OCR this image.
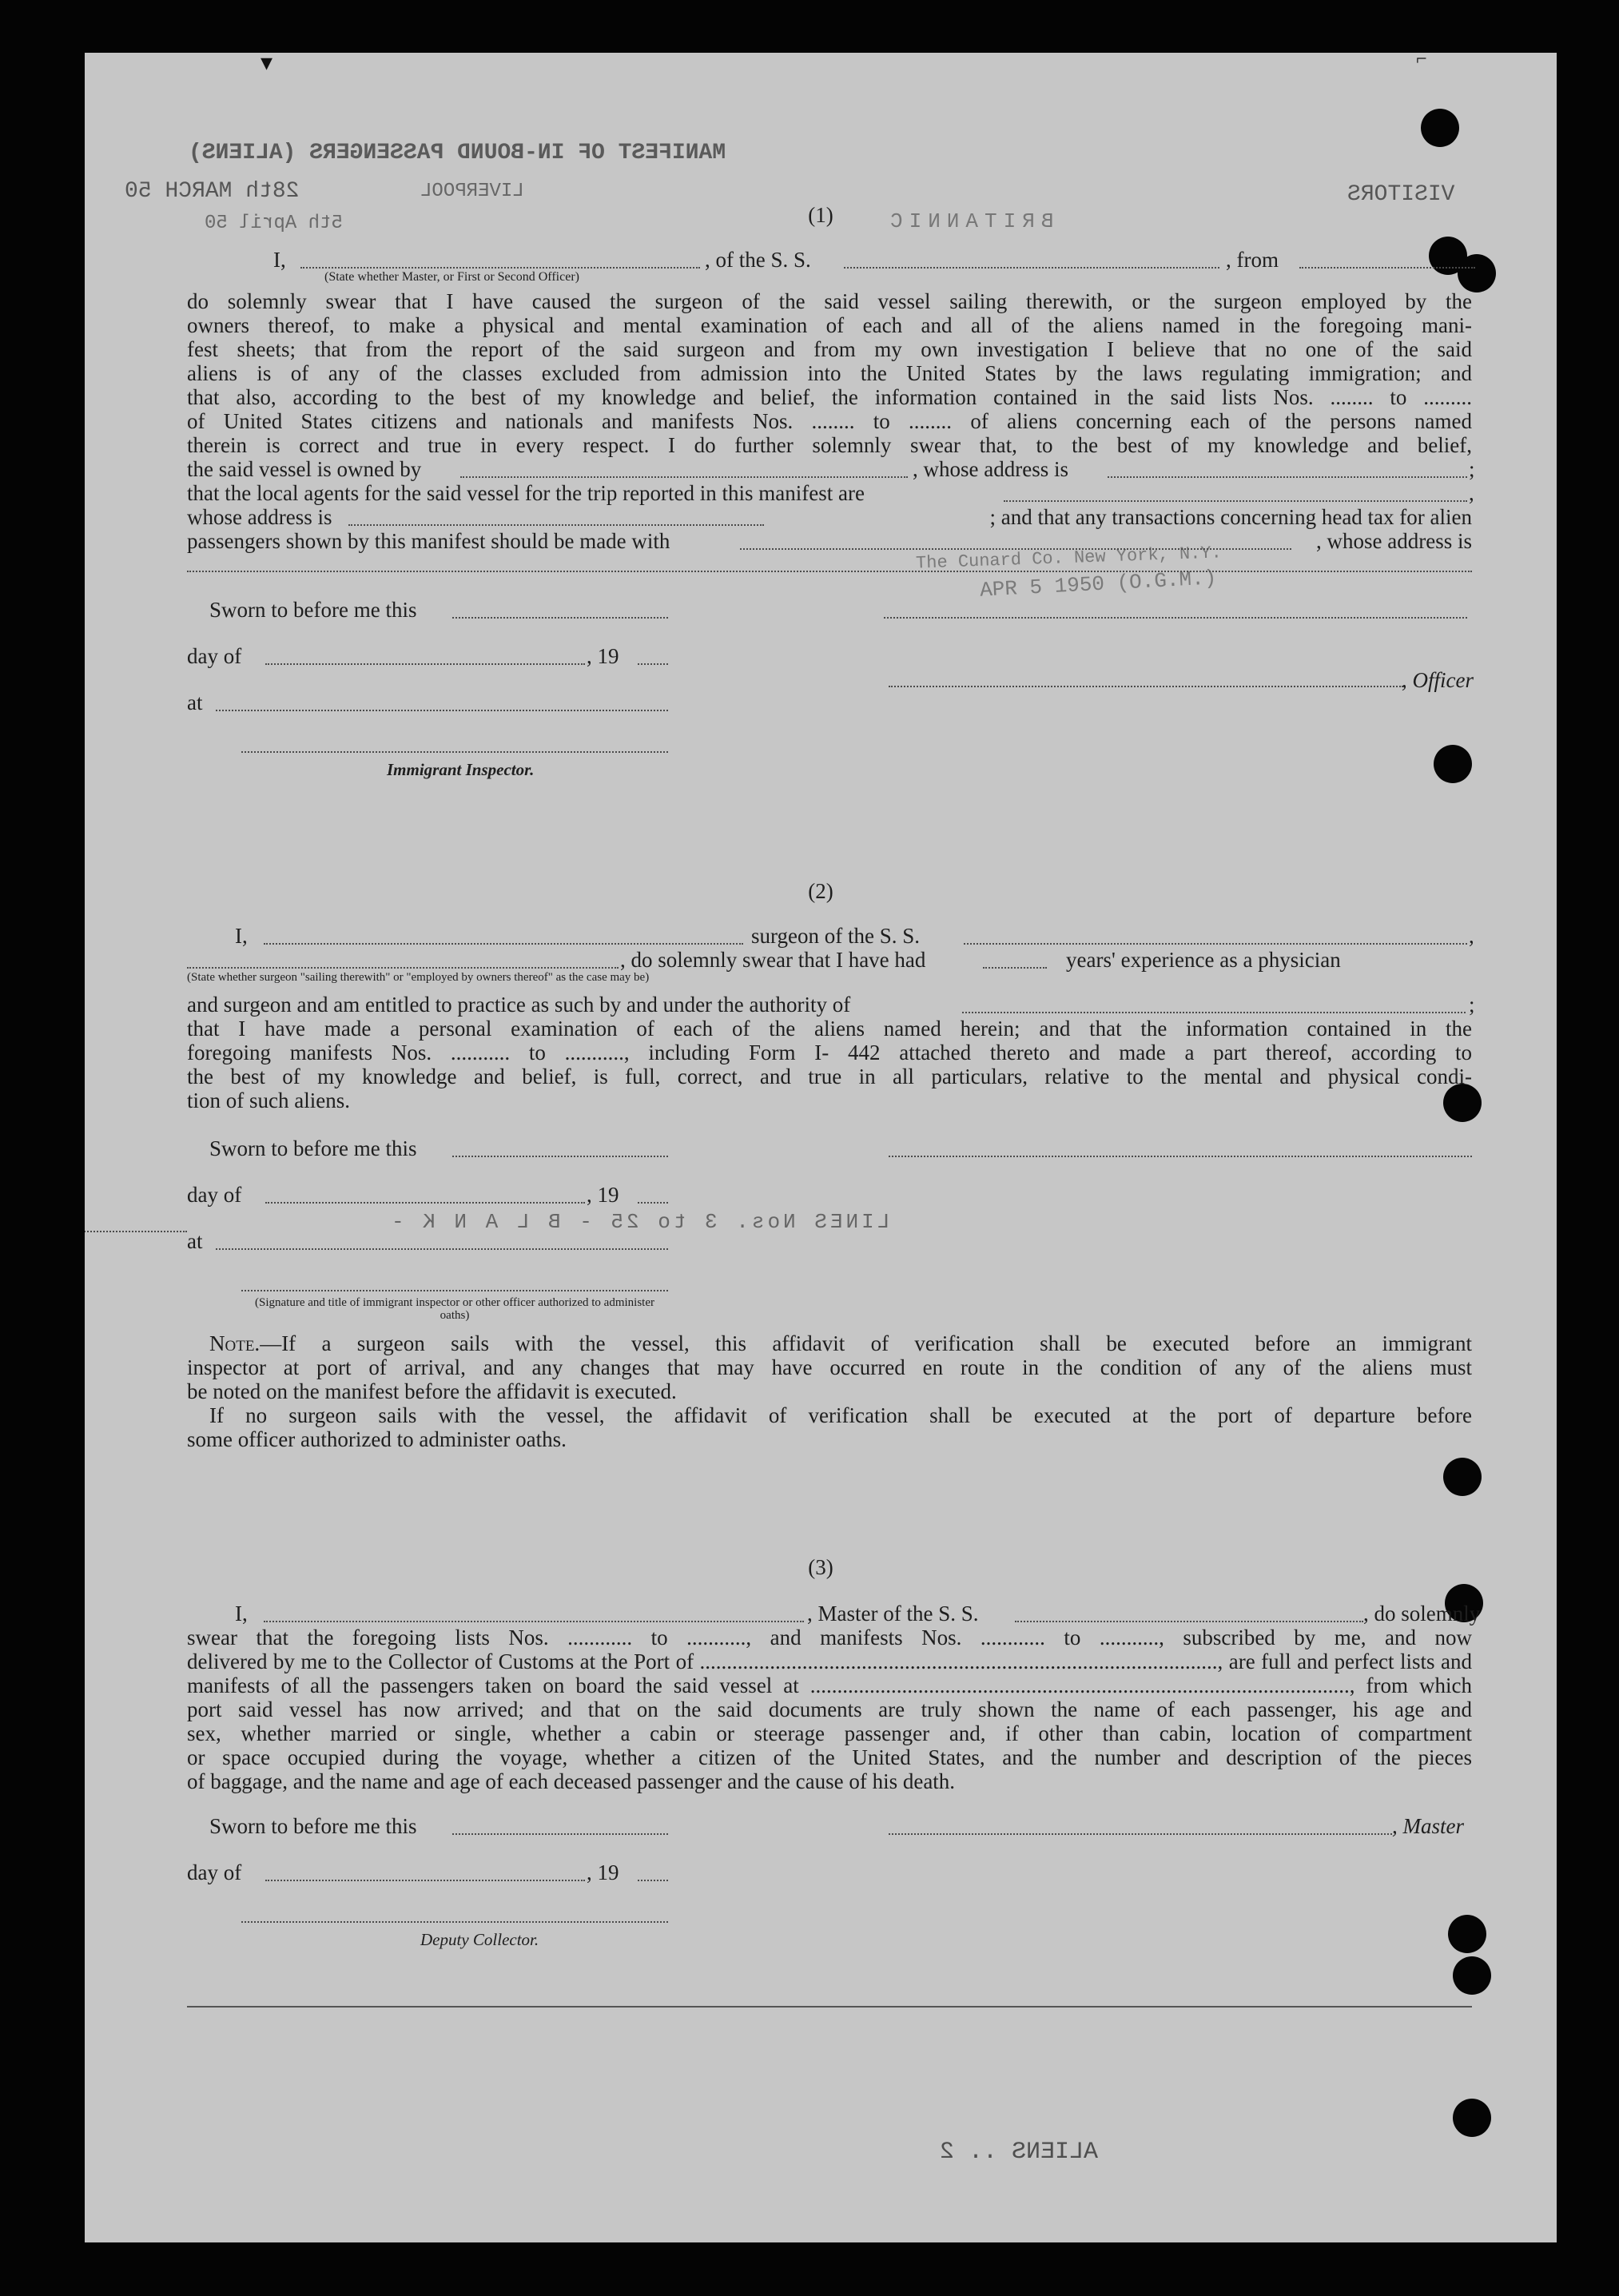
MANIFEST OF IN-BOUND PASSENGERS (ALIENS)
28th MARCH 50	LIVERPOOL	VISITORS
BRITANNIC
5th April 50
The Cunard Co. New York, N.Y.
APR 5 1950 (O.G.M.)
LINES Nos. 3 to 25 - B L A N K -
ALIENS .. 2
▾	⌐
(1)
I,	, of the S. S.	, from
(State whether Master, or First or Second Officer)
do solemnly swear that I have caused the surgeon of the said vessel sailing therewith, or the surgeon employed by the
owners thereof, to make a physical and mental examination of each and all of the aliens named in the foregoing mani-
fest sheets; that from the report of the said surgeon and from my own investigation I believe that no one of the said
aliens is of any of the classes excluded from admission into the United States by the laws regulating immigration; and
that also, according to the best of my knowledge and belief, the information contained in the said lists Nos. ........ to .........
of United States citizens and nationals and manifests Nos. ........ to ........ of aliens concerning each of the persons named
therein is correct and true in every respect. I do further solemnly swear that, to the best of my knowledge and belief,
the said vessel is owned by	, whose address is	;
that the local agents for the said vessel for the trip reported in this manifest are	,
whose address is	; and that any transactions concerning head tax for alien
passengers shown by this manifest should be made with	, whose address is
Sworn to before me this
day of	, 19
, Officer
at
Immigrant Inspector.
(2)
I,	surgeon of the S. S.	,
, do solemnly swear that I have had	years' experience as a physician
(State whether surgeon "sailing therewith" or "employed by owners thereof" as the case may be)
and surgeon and am entitled to practice as such by and under the authority of	;
that I have made a personal examination of each of the aliens named herein; and that the information contained in the
foregoing manifests Nos. ........... to ..........., including Form I- 442 attached thereto and made a part thereof, according to
the best of my knowledge and belief, is full, correct, and true in all particulars, relative to the mental and physical condi-
tion of such aliens.
Sworn to before me this
day of	, 19
at
(Signature and title of immigrant inspector or other officer authorized to administer oaths)
Note.—If a surgeon sails with the vessel, this affidavit of verification shall be executed before an immigrant
inspector at port of arrival, and any changes that may have occurred en route in the condition of any of the aliens must
be noted on the manifest before the affidavit is executed.
If no surgeon sails with the vessel, the affidavit of verification shall be executed at the port of departure before
some officer authorized to administer oaths.
(3)
I,	, Master of the S. S.	, do solemnly
swear that the foregoing lists Nos. ............ to ..........., and manifests Nos. ............ to ..........., subscribed by me, and now
delivered by me to the Collector of Customs at the Port of ................................................................................................, are full and perfect lists and
manifests of all the passengers taken on board the said vessel at ...................................................................................................., from which
port said vessel has now arrived; and that on the said documents are truly shown the name of each passenger, his age and
sex, whether married or single, whether a cabin or steerage passenger and, if other than cabin, location of compartment
or space occupied during the voyage, whether a citizen of the United States, and the number and description of the pieces
of baggage, and the name and age of each deceased passenger and the cause of his death.
Sworn to before me this	, Master
day of	, 19
Deputy Collector.
